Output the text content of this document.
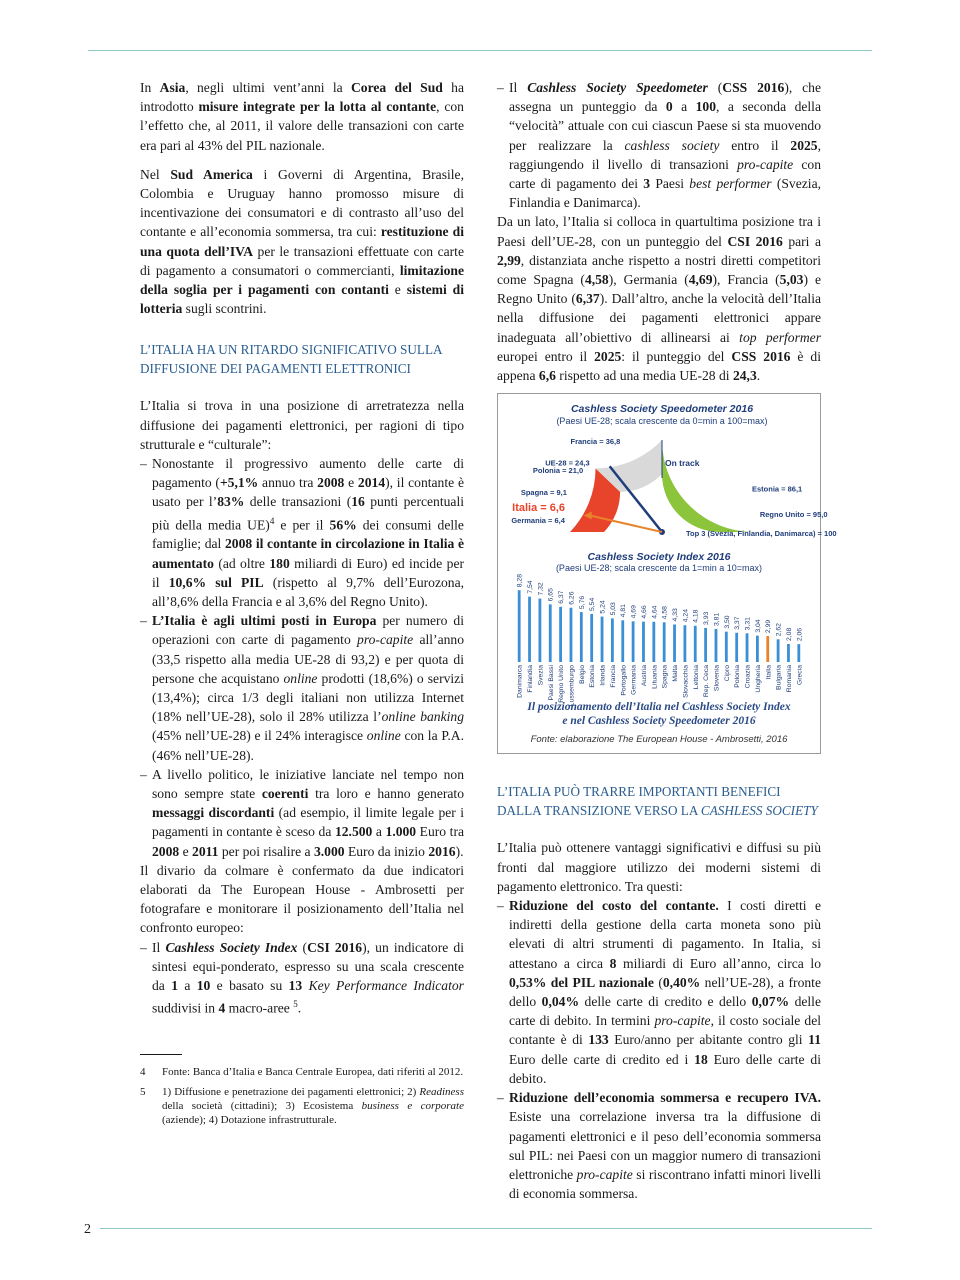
In Asia, negli ultimi vent’anni la Corea del Sud ha introdotto misure integrate per la lotta al contante, con l’effetto che, al 2011, il valore delle transazioni con carte era pari al 43% del PIL nazionale.

Nel Sud America i Governi di Argentina, Brasile, Colombia e Uruguay hanno promosso misure di incentivazione dei consumatori e di contrasto all’uso del contante e all’economia sommersa, tra cui: restituzione di una quota dell’IVA per le transazioni effettuate con carte di pagamento a consumatori o commercianti, limitazione della soglia per i pagamenti con contanti e sistemi di lotteria sugli scontrini.

L’ITALIA HA UN RITARDO SIGNIFICATIVO SULLA DIFFUSIONE DEI PAGAMENTI ELETTRONICI

L’Italia si trova in una posizione di arretratezza nella diffusione dei pagamenti elettronici, per ragioni di tipo strutturale e “culturale”:

– Nonostante il progressivo aumento delle carte di pagamento (+5,1% annuo tra 2008 e 2014), il contante è usato per l’83% delle transazioni (16 punti percentuali più della media UE)$^4$ e per il 56% dei consumi delle famiglie; dal 2008 il contante in circolazione in Italia è aumentato (ad oltre 180 miliardi di Euro) ed incide per il 10,6% sul PIL (rispetto al 9,7% dell’Eurozona, all’8,6% della Francia e al 3,6% del Regno Unito).
– L’Italia è agli ultimi posti in Europa per numero di operazioni con carte di pagamento pro-capite all’anno (33,5 rispetto alla media UE-28 di 93,2) e per quota di persone che acquistano online prodotti (18,6%) o servizi (13,4%); circa 1/3 degli italiani non utilizza Internet (18% nell’UE-28), solo il 28% utilizza l’online banking (45% nell’UE-28) e il 24% interagisce online con la P.A. (46% nell’UE-28).
– A livello politico, le iniziative lanciate nel tempo non sono sempre state coerenti tra loro e hanno generato messaggi discordanti (ad esempio, il limite legale per i pagamenti in contante è sceso da 12.500 a 1.000 Euro tra 2008 e 2011 per poi risalire a 3.000 Euro da inizio 2016).

Il divario da colmare è confermato da due indicatori elaborati da The European House - Ambrosetti per fotografare e monitorare il posizionamento dell’Italia nel confronto europeo:

– Il Cashless Society Index (CSI 2016), un indicatore di sintesi equi-ponderato, espresso su una scala crescente da 1 a 10 e basato su 13 Key Performance Indicator suddivisi in 4 macro-aree $^5$.
4 Fonte: Banca d’Italia e Banca Centrale Europea, dati riferiti al 2012.
5 1) Diffusione e penetrazione dei pagamenti elettronici; 2) Readiness della società (cittadini); 3) Ecosistema business e corporate (aziende); 4) Dotazione infrastrutturale.
– Il Cashless Society Speedometer (CSS 2016), che assegna un punteggio da 0 a 100, a seconda della “velocità” attuale con cui ciascun Paese si sta muovendo per realizzare la cashless society entro il 2025, raggiungendo il livello di transazioni pro-capite con carte di pagamento dei 3 Paesi best performer (Svezia, Finlandia e Danimarca).

Da un lato, l’Italia si colloca in quartultima posizione tra i Paesi dell’UE-28, con un punteggio del CSI 2016 pari a 2,99, distanziata anche rispetto a nostri diretti competitori come Spagna (4,58), Germania (4,69), Francia (5,03) e Regno Unito (6,37). Dall’altro, anche la velocità dell’Italia nella diffusione dei pagamenti elettronici appare inadeguata all’obiettivo di allinearsi ai top performer europei entro il 2025: il punteggio del CSS 2016 è di appena 6,6 rispetto ad una media UE-28 di 24,3.

Cashless Society Speedometer 2016
(Paesi UE-28; scala crescente da 0=min a 100=max)
On track
Germania = 6,4
Italia = 6,6
Spagna = 9,1
Polonia = 21,0
UE-28 = 24,3
Francia = 36,8
Estonia = 86,1
Regno Unito = 95,0
Top 3 (Svezia, Finlandia, Danimarca) = 100
Cashless Society Index 2016
(Paesi UE-28; scala crescente da 1=min a 10=max)
8,28
Danimarca
7,54
Finlandia
7,32
Svezia
6,65
Paesi Bassi
6,37
Regno Unito
6,26
Lussemburgo
5,76
Belgio
5,54
Estonia
5,24
Irlanda
5,03
Francia
4,81
Portogallo
4,69
Germania
4,66
Austria
4,64
Lituania
4,58
Spagna
4,33
Malta
4,24
Slovacchia
4,18
Lettonia
3,93
Rep. Ceca
3,81
Slovenia
3,50
Cipro
3,37
Polonia
3,31
Croazia
3,04
Ungheria
2,99
Italia
2,62
Bulgaria
2,08
Romania
2,06
Grecia
Il posizionamento dell’Italia nel Cashless Society Index
e nel Cashless Society Speedometer 2016
Fonte: elaborazione The European House - Ambrosetti, 2016
L’ITALIA PUÒ TRARRE IMPORTANTI BENEFICI DALLA TRANSIZIONE VERSO LA CASHLESS SOCIETY

L’Italia può ottenere vantaggi significativi e diffusi su più fronti dal maggiore utilizzo dei moderni sistemi di pagamento elettronico. Tra questi:

– Riduzione del costo del contante. I costi diretti e indiretti della gestione della carta moneta sono più elevati di altri strumenti di pagamento. In Italia, si attestano a circa 8 miliardi di Euro all’anno, circa lo 0,53% del PIL nazionale (0,40% nell’UE-28), a fronte dello 0,04% delle carte di credito e dello 0,07% delle carte di debito. In termini pro-capite, il costo sociale del contante è di 133 Euro/anno per abitante contro gli 11 Euro delle carte di credito ed i 18 Euro delle carte di debito.
– Riduzione dell’economia sommersa e recupero IVA. Esiste una correlazione inversa tra la diffusione di pagamenti elettronici e il peso dell’economia sommersa sul PIL: nei Paesi con un maggior numero di transazioni elettroniche pro-capite si riscontrano infatti minori livelli di economia sommersa.
2
